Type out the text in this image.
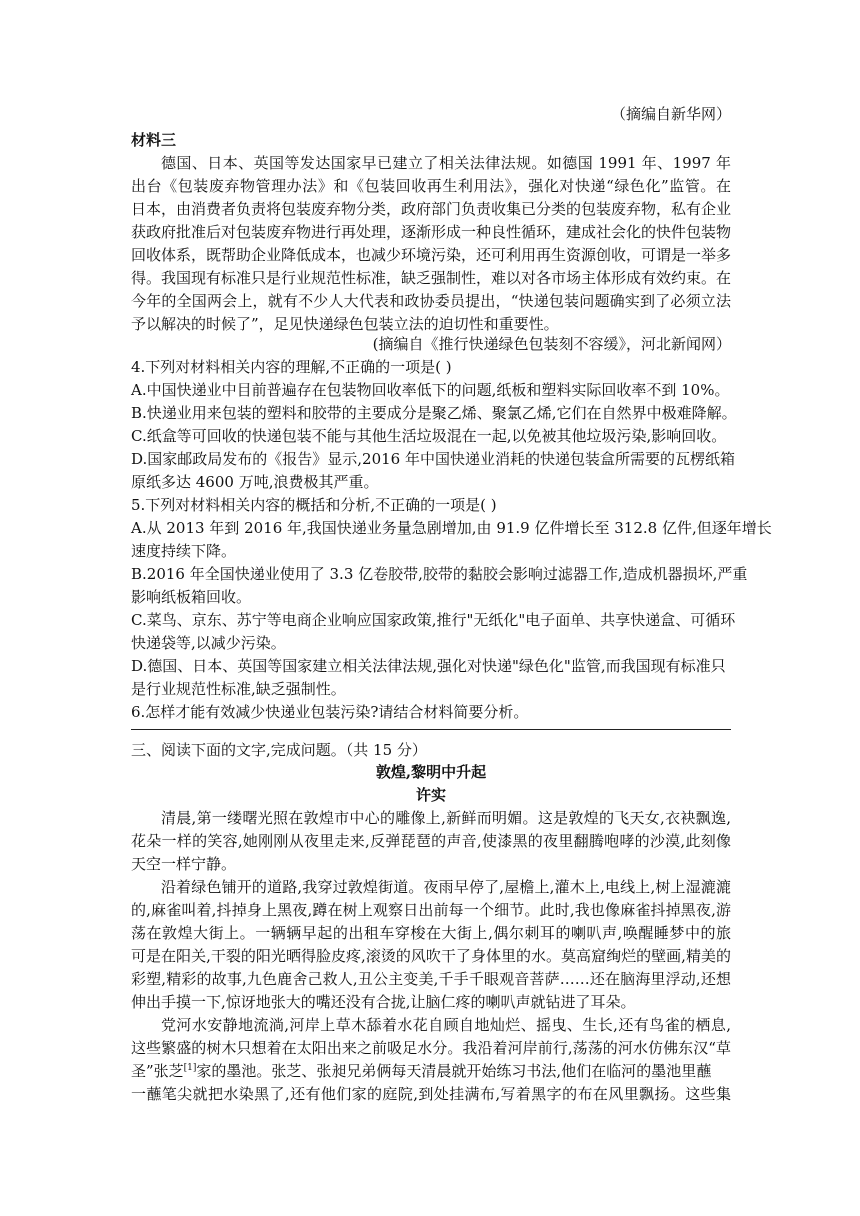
（摘编自新华网）
材料三
德国、日本、英国等发达国家早已建立了相关法律法规。如德国 1991 年、1997 年
出台《包装废弃物管理办法》和《包装回收再生利用法》，强化对快递“绿色化”监管。在
日本，由消费者负责将包装废弃物分类，政府部门负责收集已分类的包装废弃物，私有企业
获政府批准后对包装废弃物进行再处理，逐渐形成一种良性循环，建成社会化的快件包装物
回收体系，既帮助企业降低成本，也减少环境污染，还可利用再生资源创收，可谓是一举多
得。我国现有标准只是行业规范性标准，缺乏强制性，难以对各市场主体形成有效约束。在
今年的全国两会上，就有不少人大代表和政协委员提出，“快递包装问题确实到了必须立法
予以解决的时候了”，足见快递绿色包装立法的迫切性和重要性。
(摘编自《推行快递绿色包装刻不容缓》，河北新闻网）
4.下列对材料相关内容的理解,不正确的一项是( )
A.中国快递业中目前普遍存在包装物回收率低下的问题,纸板和塑料实际回收率不到 10%。
B.快递业用来包装的塑料和胶带的主要成分是聚乙烯、聚氯乙烯,它们在自然界中极难降解。
C.纸盒等可回收的快递包装不能与其他生活垃圾混在一起,以免被其他垃圾污染,影响回收。
D.国家邮政局发布的《报告》显示,2016 年中国快递业消耗的快递包装盒所需要的瓦楞纸箱
原纸多达 4600 万吨,浪费极其严重。
5.下列对材料相关内容的概括和分析,不正确的一项是( )
A.从 2013 年到 2016 年,我国快递业务量急剧增加,由 91.9 亿件增长至 312.8 亿件,但逐年增长
速度持续下降。
B.2016 年全国快递业使用了 3.3 亿卷胶带,胶带的黏胶会影响过滤器工作,造成机器损坏,严重
影响纸板箱回收。
C.菜鸟、京东、苏宁等电商企业响应国家政策,推行"无纸化"电子面单、共享快递盒、可循环
快递袋等,以减少污染。
D.德国、日本、英国等国家建立相关法律法规,强化对快递"绿色化"监管,而我国现有标准只
是行业规范性标准,缺乏强制性。
6.怎样才能有效减少快递业包装污染?请结合材料简要分析。
三、阅读下面的文字,完成问题。（共 15 分）
敦煌,黎明中升起
许实
清晨,第一缕曙光照在敦煌市中心的雕像上,新鲜而明媚。这是敦煌的飞天女,衣袂飘逸,
花朵一样的笑容,她刚刚从夜里走来,反弹琵琶的声音,使漆黑的夜里翻腾咆哮的沙漠,此刻像
天空一样宁静。
沿着绿色铺开的道路,我穿过敦煌街道。夜雨早停了,屋檐上,灌木上,电线上,树上湿漉漉
的,麻雀叫着,抖掉身上黑夜,蹲在树上观察日出前每一个细节。此时,我也像麻雀抖掉黑夜,游
荡在敦煌大街上。一辆辆早起的出租车穿梭在大街上,偶尔刺耳的喇叭声,唤醒睡梦中的旅
可是在阳关,干裂的阳光晒得脸皮疼,滚烫的风吹干了身体里的水。莫高窟绚烂的壁画,精美的
彩塑,精彩的故事,九色鹿舍己救人,丑公主变美,千手千眼观音菩萨……还在脑海里浮动,还想
伸出手摸一下,惊讶地张大的嘴还没有合拢,让脑仁疼的喇叭声就钻进了耳朵。
党河水安静地流淌,河岸上草木舔着水花自顾自地灿烂、摇曳、生长,还有鸟雀的栖息,
这些繁盛的树木只想着在太阳出来之前吸足水分。我沿着河岸前行,荡荡的河水仿佛东汉“草
圣”张芝[1]家的墨池。张芝、张昶兄弟俩每天清晨就开始练习书法,他们在临河的墨池里蘸
一蘸笔尖就把水染黑了,还有他们家的庭院,到处挂满布,写着黑字的布在风里飘扬。这些集
